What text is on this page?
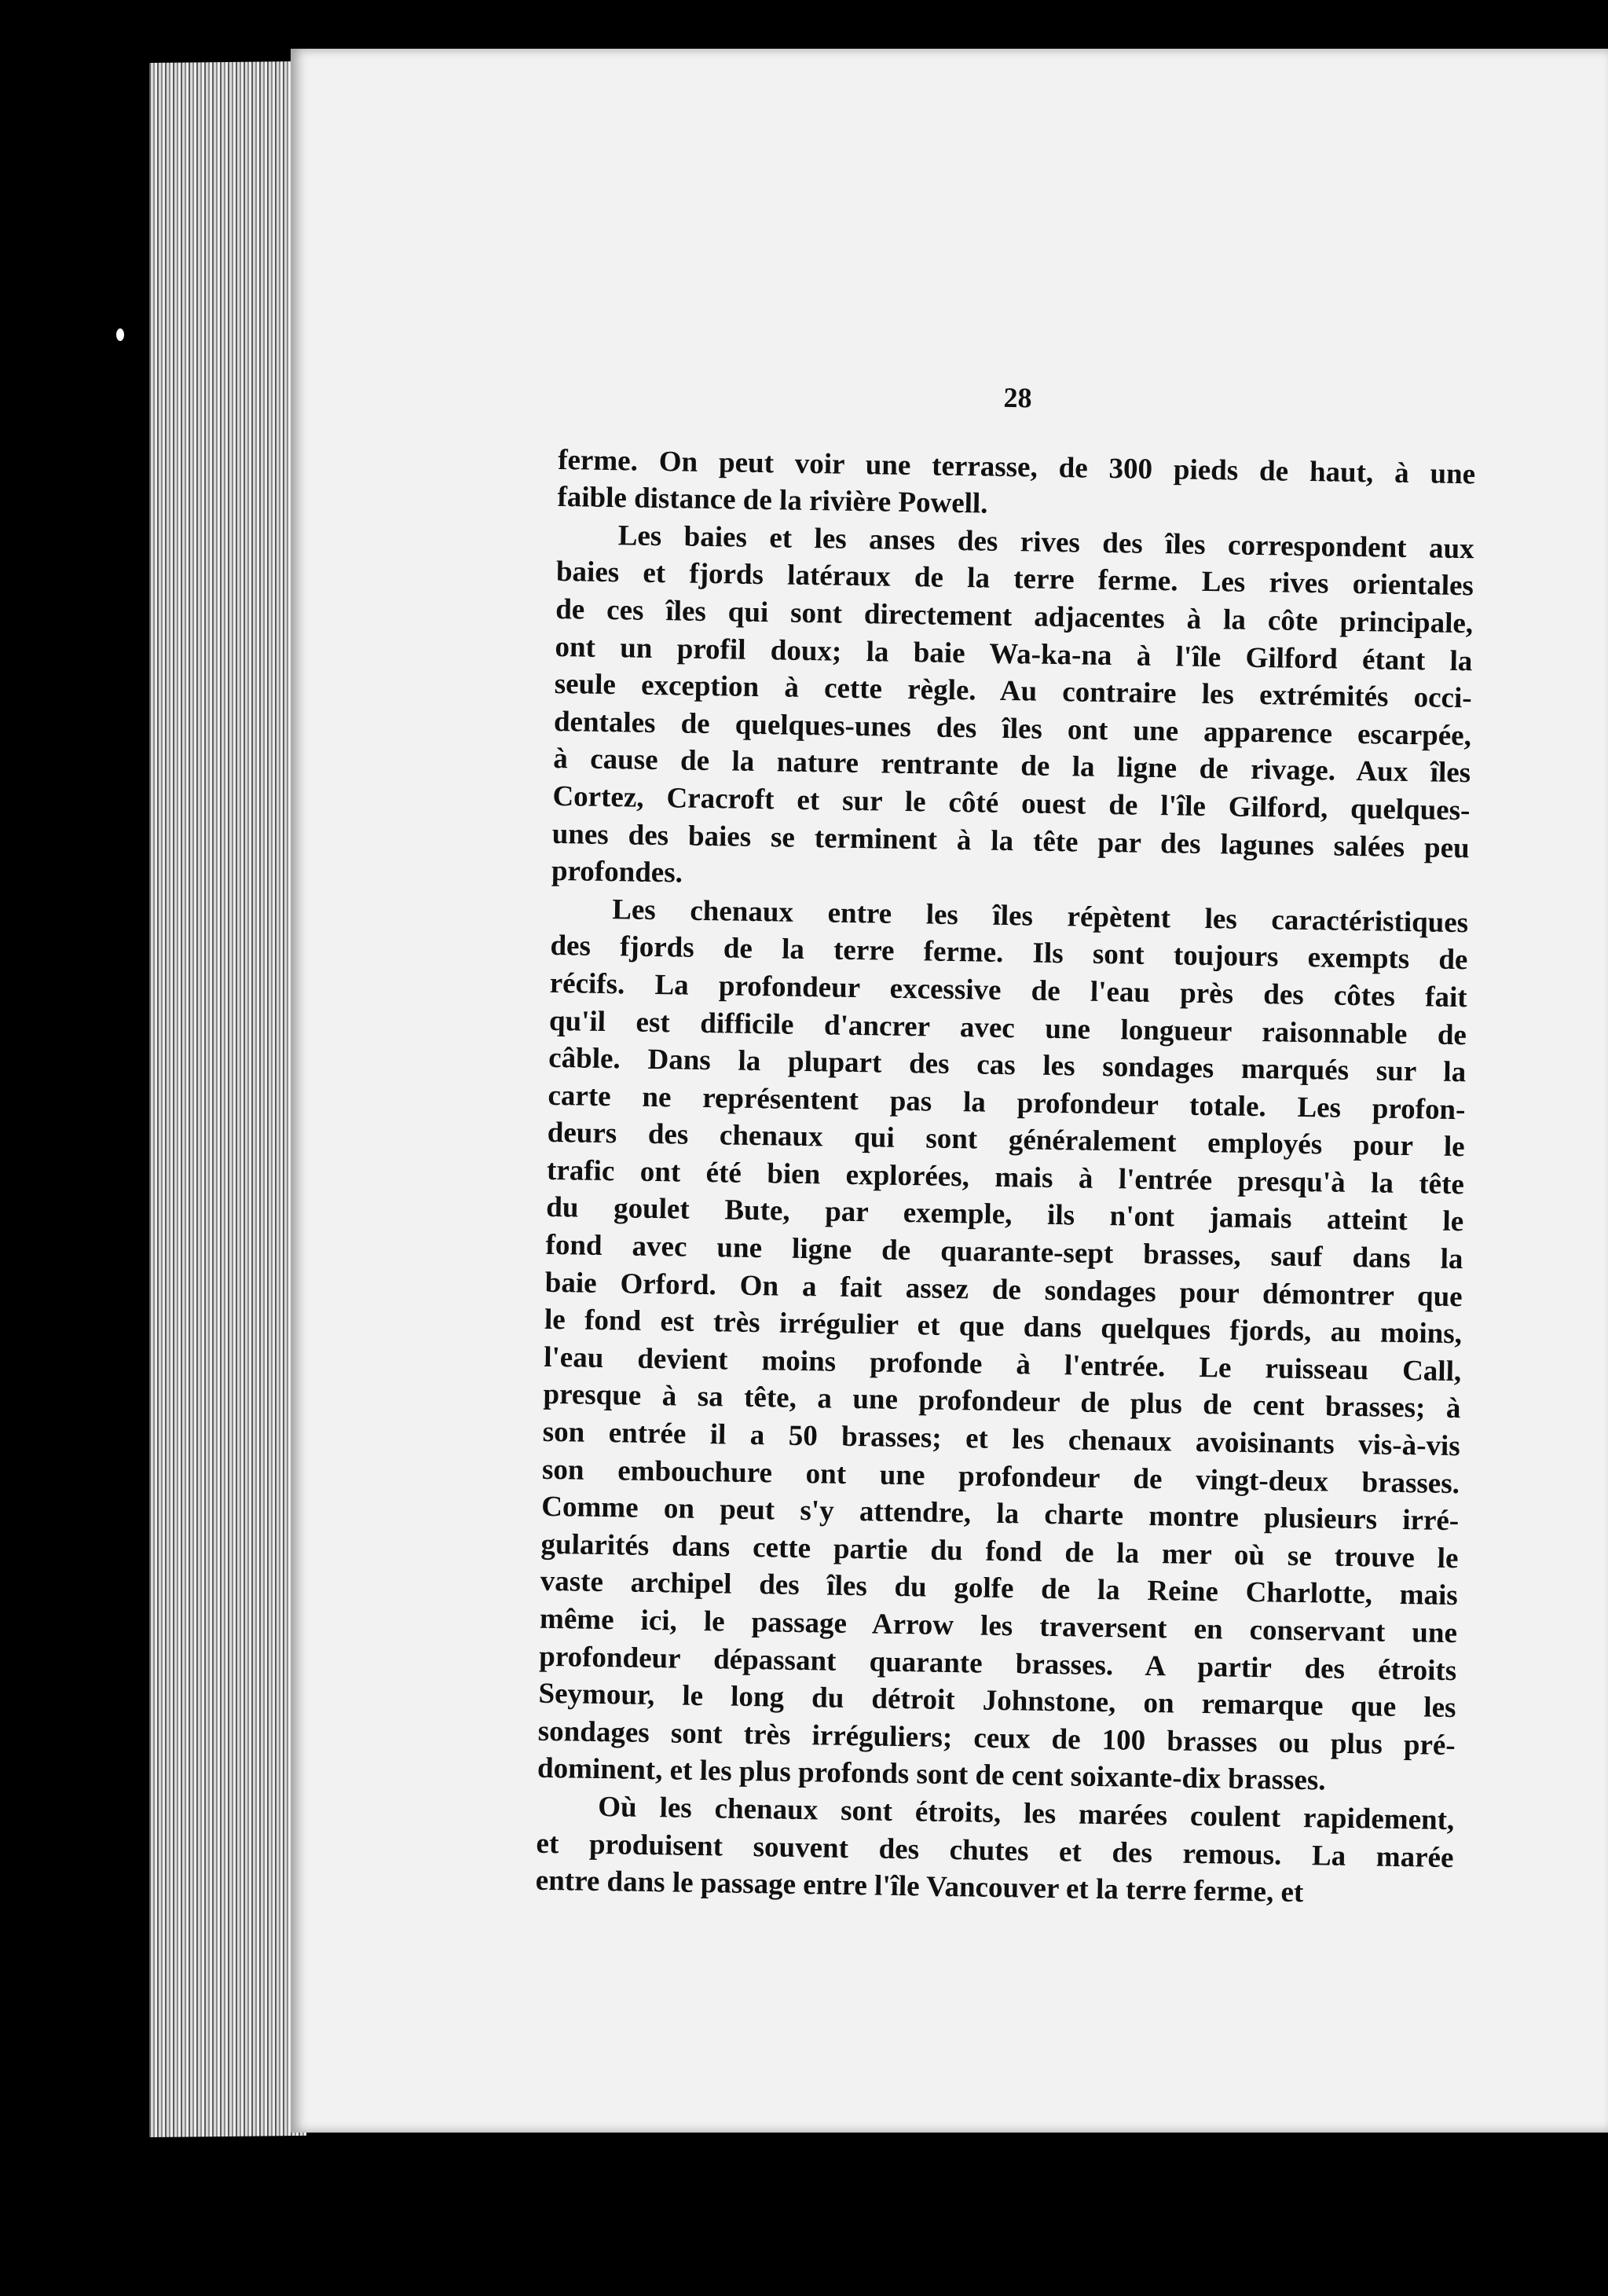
28
ferme. On peut voir une terrasse, de 300 pieds de haut, à une
faible distance de la rivière Powell.
Les baies et les anses des rives des îles correspondent aux
baies et fjords latéraux de la terre ferme. Les rives orientales
de ces îles qui sont directement adjacentes à la côte principale,
ont un profil doux; la baie Wa-ka-na à l'île Gilford étant la
seule exception à cette règle. Au contraire les extrémités occi-
dentales de quelques-unes des îles ont une apparence escarpée,
à cause de la nature rentrante de la ligne de rivage. Aux îles
Cortez, Cracroft et sur le côté ouest de l'île Gilford, quelques-
unes des baies se terminent à la tête par des lagunes salées peu
profondes.
Les chenaux entre les îles répètent les caractéristiques
des fjords de la terre ferme. Ils sont toujours exempts de
récifs. La profondeur excessive de l'eau près des côtes fait
qu'il est difficile d'ancrer avec une longueur raisonnable de
câble. Dans la plupart des cas les sondages marqués sur la
carte ne représentent pas la profondeur totale. Les profon-
deurs des chenaux qui sont généralement employés pour le
trafic ont été bien explorées, mais à l'entrée presqu'à la tête
du goulet Bute, par exemple, ils n'ont jamais atteint le
fond avec une ligne de quarante-sept brasses, sauf dans la
baie Orford. On a fait assez de sondages pour démontrer que
le fond est très irrégulier et que dans quelques fjords, au moins,
l'eau devient moins profonde à l'entrée. Le ruisseau Call,
presque à sa tête, a une profondeur de plus de cent brasses; à
son entrée il a 50 brasses; et les chenaux avoisinants vis-à-vis
son embouchure ont une profondeur de vingt-deux brasses.
Comme on peut s'y attendre, la charte montre plusieurs irré-
gularités dans cette partie du fond de la mer où se trouve le
vaste archipel des îles du golfe de la Reine Charlotte, mais
même ici, le passage Arrow les traversent en conservant une
profondeur dépassant quarante brasses. A partir des étroits
Seymour, le long du détroit Johnstone, on remarque que les
sondages sont très irréguliers; ceux de 100 brasses ou plus pré-
dominent, et les plus profonds sont de cent soixante-dix brasses.
Où les chenaux sont étroits, les marées coulent rapidement,
et produisent souvent des chutes et des remous. La marée
entre dans le passage entre l'île Vancouver et la terre ferme, et
